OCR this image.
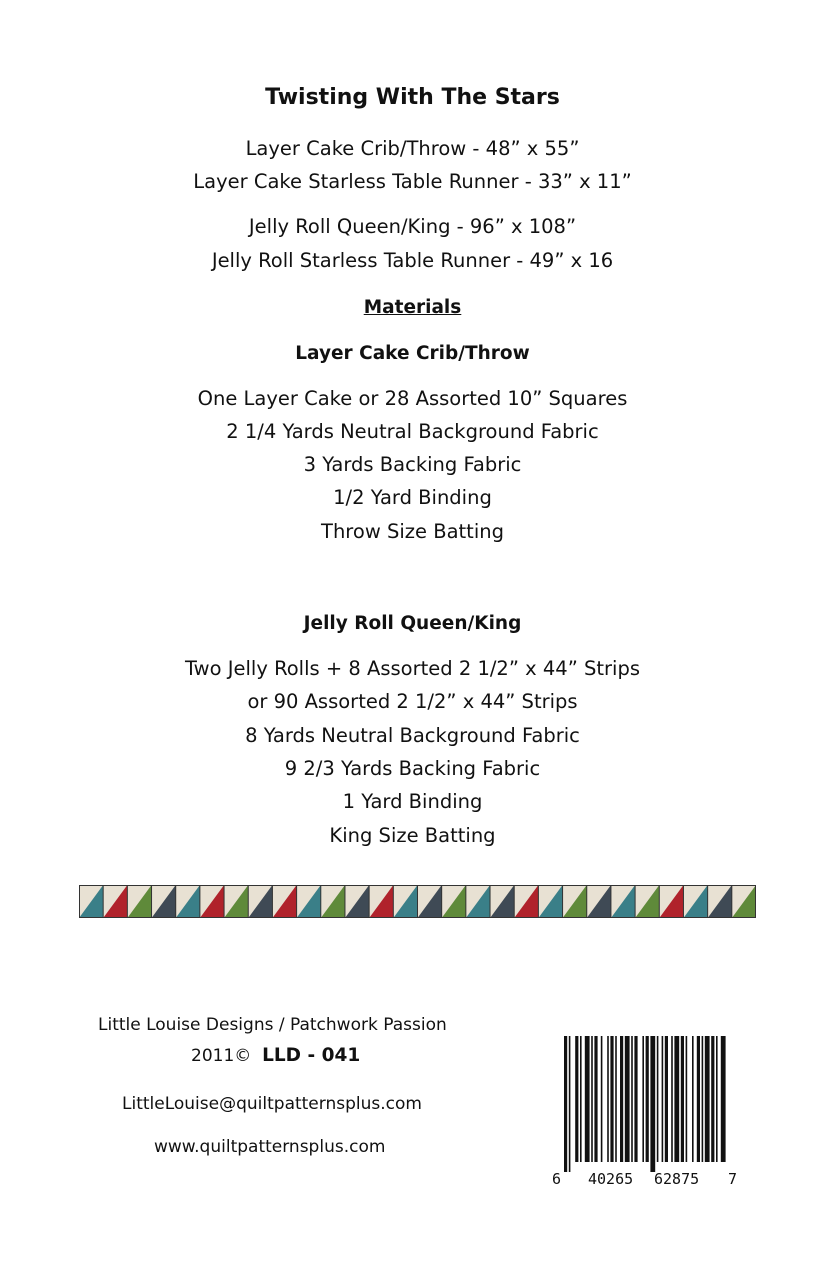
Twisting With The Stars
Layer Cake Crib/Throw - 48” x 55”
Layer Cake Starless Table Runner - 33” x 11”
Jelly Roll Queen/King - 96” x 108”
Jelly Roll Starless Table Runner - 49” x 16
Materials
Layer Cake Crib/Throw
One Layer Cake or 28 Assorted 10” Squares
2 1/4 Yards Neutral Background Fabric
3 Yards Backing Fabric
1/2 Yard Binding
Throw Size Batting
Jelly Roll Queen/King
Two Jelly Rolls + 8 Assorted 2 1/2” x 44” Strips
or 90 Assorted 2 1/2” x 44” Strips
8 Yards Neutral Background Fabric
9 2/3 Yards Backing Fabric
1 Yard Binding
King Size Batting
Little Louise Designs / Patchwork Passion
2011© LLD - 041
LittleLouise@quiltpatternsplus.com
www.quiltpatternsplus.com
6 40265 62875 7
